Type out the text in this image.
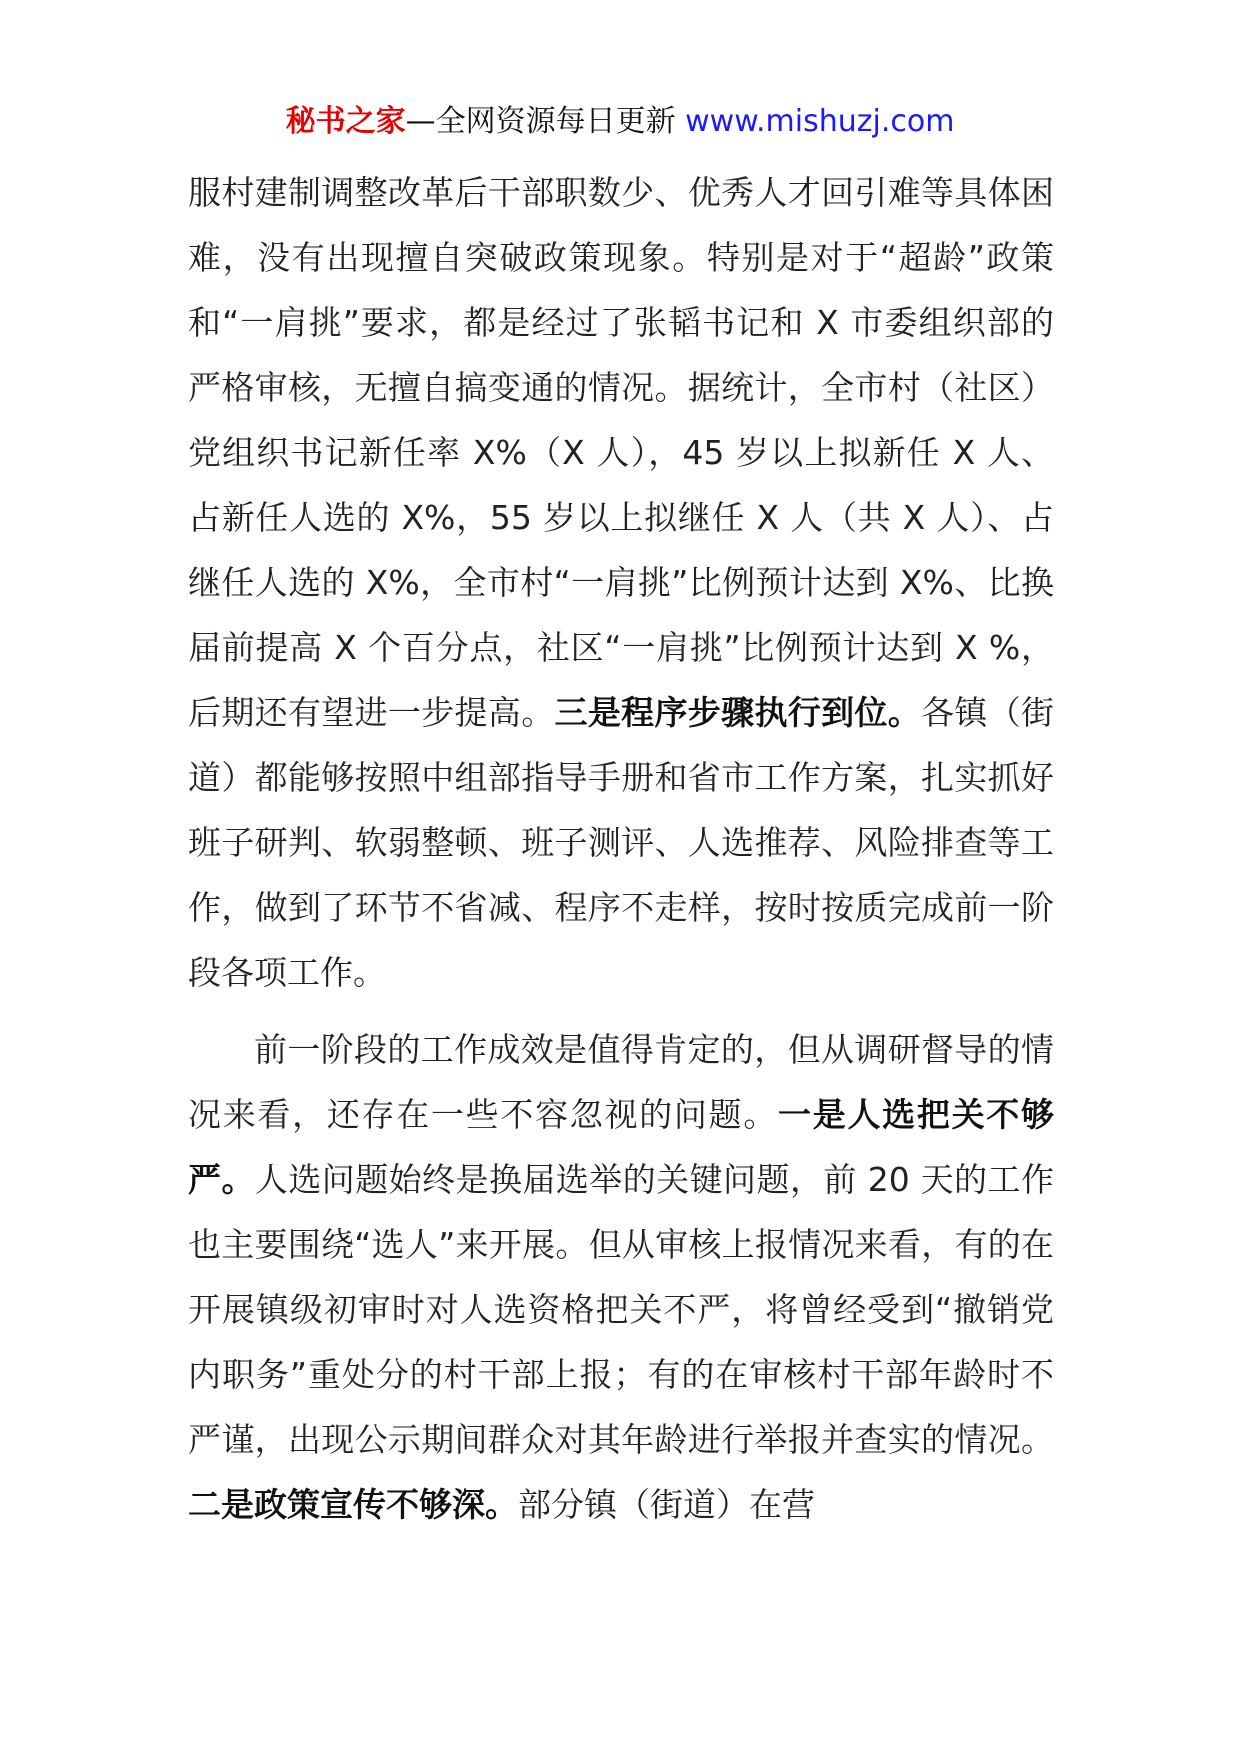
秘书之家—全网资源每日更新 www.mishuzj.com

服村建制调整改革后干部职数少、优秀人才回引难等具体困难，没有出现擅自突破政策现象。特别是对于“超龄”政策和“一肩挑”要求，都是经过了张韬书记和 X 市委组织部的严格审核，无擅自搞变通的情况。据统计，全市村（社区）党组织书记新任率 X%（X 人），45 岁以上拟新任 X 人、占新任人选的 X%，55 岁以上拟继任 X 人（共 X 人）、占继任人选的 X%，全市村“一肩挑”比例预计达到 X%、比换届前提高 X 个百分点，社区“一肩挑”比例预计达到 X %，后期还有望进一步提高。三是程序步骤执行到位。各镇（街道）都能够按照中组部指导手册和省市工作方案，扎实抓好班子研判、软弱整顿、班子测评、人选推荐、风险排查等工作，做到了环节不省减、程序不走样，按时按质完成前一阶段各项工作。

前一阶段的工作成效是值得肯定的，但从调研督导的情况来看，还存在一些不容忽视的问题。一是人选把关不够严。人选问题始终是换届选举的关键问题，前 20 天的工作也主要围绕“选人”来开展。但从审核上报情况来看，有的在开展镇级初审时对人选资格把关不严，将曾经受到“撤销党内职务”重处分的村干部上报；有的在审核村干部年龄时不严谨，出现公示期间群众对其年龄进行举报并查实的情况。二是政策宣传不够深。部分镇（街道）在营
